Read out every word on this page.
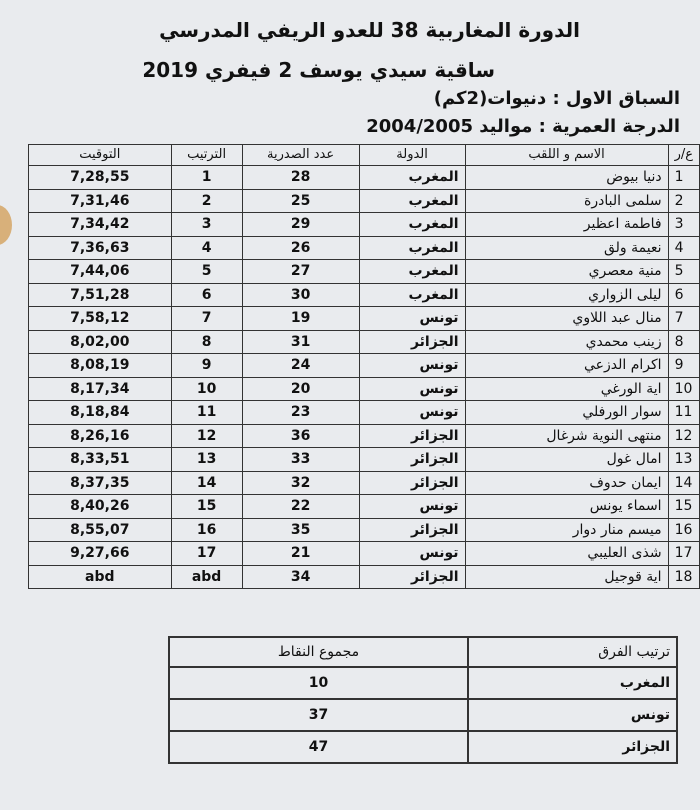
الدورة المغاربية 38 للعدو الريفي المدرسي
ساقية سيدي يوسف 2 فيفري 2019
السباق الاول : دنيوات(2كم)
الدرجة العمرية : مواليد 2004/2005
ع/ر	الاسم و اللقب	الدولة	عدد الصدرية	الترتيب	التوقيت
1	دنيا بيوض	المغرب	28	1	7,28,55
2	سلمى البادرة	المغرب	25	2	7,31,46
3	فاطمة اعظير	المغرب	29	3	7,34,42
4	نعيمة ولق	المغرب	26	4	7,36,63
5	منية معصري	المغرب	27	5	7,44,06
6	ليلى الزواري	المغرب	30	6	7,51,28
7	منال عبد اللاوي	تونس	19	7	7,58,12
8	زينب محمدي	الجزائر	31	8	8,02,00
9	اكرام الدزعي	تونس	24	9	8,08,19
10	اية الورغي	تونس	20	10	8,17,34
11	سوار الورفلي	تونس	23	11	8,18,84
12	منتهى النوية شرغال	الجزائر	36	12	8,26,16
13	امال غول	الجزائر	33	13	8,33,51
14	ايمان حدوف	الجزائر	32	14	8,37,35
15	اسماء يونس	تونس	22	15	8,40,26
16	ميسم منار دوار	الجزائر	35	16	8,55,07
17	شذى العليبي	تونس	21	17	9,27,66
18	اية قوجيل	الجزائر	34	abd	abd
ترتيب الفرق	مجموع النقاط
المغرب	10
تونس	37
الجزائر	47
